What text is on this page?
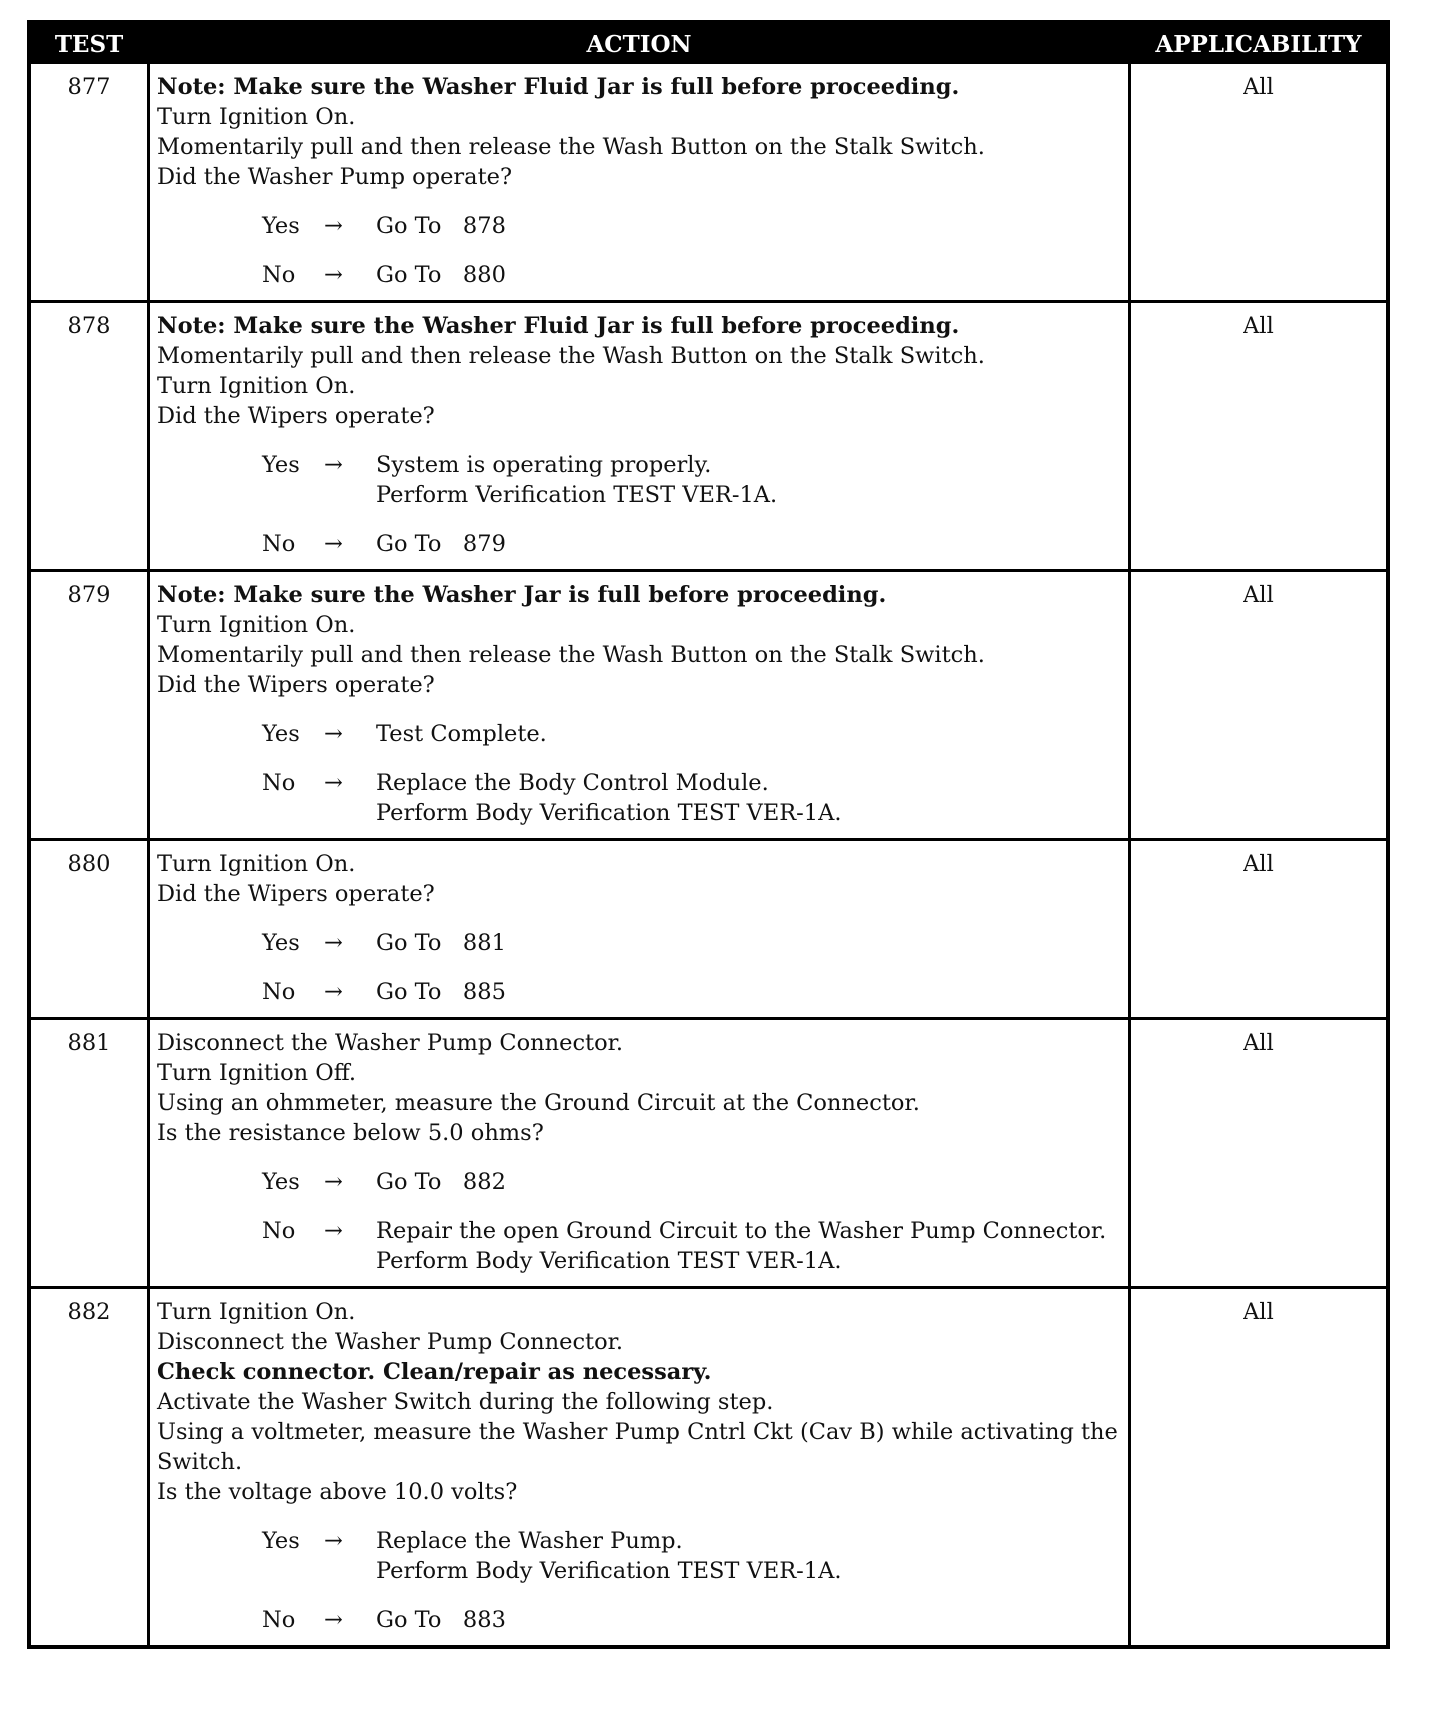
TEST	ACTION	APPLICABILITY
877	Note: Make sure the Washer Fluid Jar is full before proceeding.
Turn Ignition On.
Momentarily pull and then release the Wash Button on the Stalk Switch.
Did the Washer Pump operate?
Yes	→	Go To   878
No	→	Go To   880
All
878	Note: Make sure the Washer Fluid Jar is full before proceeding.
Momentarily pull and then release the Wash Button on the Stalk Switch.
Turn Ignition On.
Did the Wipers operate?
Yes	→	System is operating properly.
Perform Verification TEST VER-1A.
No	→	Go To   879
All
879	Note: Make sure the Washer Jar is full before proceeding.
Turn Ignition On.
Momentarily pull and then release the Wash Button on the Stalk Switch.
Did the Wipers operate?
Yes	→	Test Complete.
No	→	Replace the Body Control Module.
Perform Body Verification TEST VER-1A.
All
880	Turn Ignition On.
Did the Wipers operate?
Yes	→	Go To   881
No	→	Go To   885
All
881	Disconnect the Washer Pump Connector.
Turn Ignition Off.
Using an ohmmeter, measure the Ground Circuit at the Connector.
Is the resistance below 5.0 ohms?
Yes	→	Go To   882
No	→	Repair the open Ground Circuit to the Washer Pump Connector.
Perform Body Verification TEST VER-1A.
All
882	Turn Ignition On.
Disconnect the Washer Pump Connector.
Check connector. Clean/repair as necessary.
Activate the Washer Switch during the following step.
Using a voltmeter, measure the Washer Pump Cntrl Ckt (Cav B) while activating the Switch.
Is the voltage above 10.0 volts?
Yes	→	Replace the Washer Pump.
Perform Body Verification TEST VER-1A.
No	→	Go To   883
All
